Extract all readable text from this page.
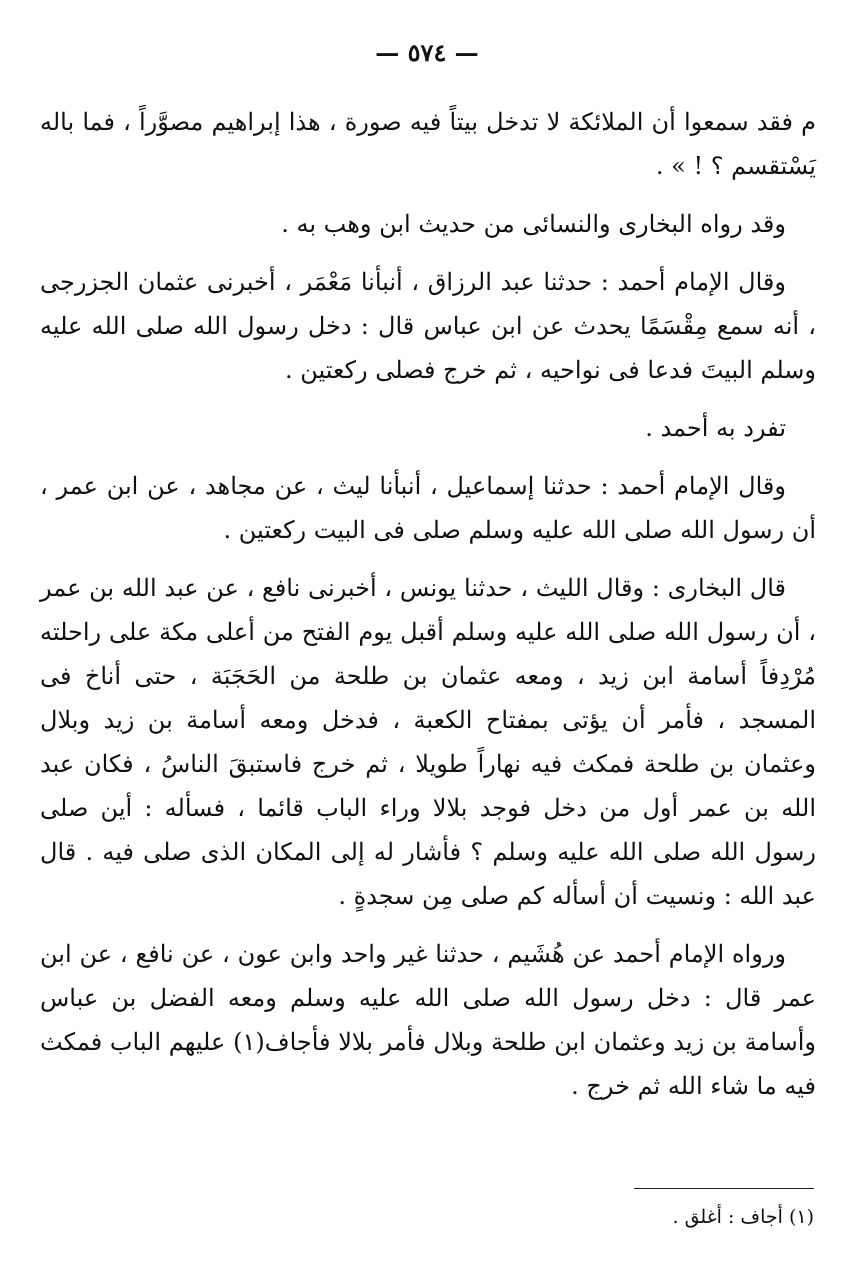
— ٥٧٤ —

م فقد سمعوا أن الملائكة لا تدخل بيتاً فيه صورة ، هذا إبراهيم مصوَّراً ، فما باله يَسْتقسم ؟ ! » .

وقد رواه البخارى والنسائى من حديث ابن وهب به .

وقال الإمام أحمد : حدثنا عبد الرزاق ، أنبأنا مَعْمَر ، أخبرنى عثمان الجزرجى ، أنه سمع مِقْسَمًا يحدث عن ابن عباس قال : دخل رسول الله صلى الله عليه وسلم البيتَ فدعا فى نواحيه ، ثم خرج فصلى ركعتين .

تفرد به أحمد .

وقال الإمام أحمد : حدثنا إسماعيل ، أنبأنا ليث ، عن مجاهد ، عن ابن عمر ، أن رسول الله صلى الله عليه وسلم صلى فى البيت ركعتين .

قال البخارى : وقال الليث ، حدثنا يونس ، أخبرنى نافع ، عن عبد الله بن عمر ، أن رسول الله صلى الله عليه وسلم أقبل يوم الفتح من أعلى مكة على راحلته مُرْدِفاً أسامة ابن زيد ، ومعه عثمان بن طلحة من الحَجَبَة ، حتى أناخ فى المسجد ، فأمر أن يؤتى بمفتاح الكعبة ، فدخل ومعه أسامة بن زيد وبلال وعثمان بن طلحة فمكث فيه نهاراً طويلا ، ثم خرج فاستبقَ الناسُ ، فكان عبد الله بن عمر أول من دخل فوجد بلالا وراء الباب قائما ، فسأله : أين صلى رسول الله صلى الله عليه وسلم ؟ فأشار له إلى المكان الذى صلى فيه . قال عبد الله : ونسيت أن أسأله كم صلى مِن سجدةٍ .

ورواه الإمام أحمد عن هُشَيم ، حدثنا غير واحد وابن عون ، عن نافع ، عن ابن عمر قال : دخل رسول الله صلى الله عليه وسلم ومعه الفضل بن عباس وأسامة بن زيد وعثمان ابن طلحة وبلال فأمر بلالا فأجاف(١) عليهم الباب فمكث فيه ما شاء الله ثم خرج .

(١) أجاف : أغلق .
